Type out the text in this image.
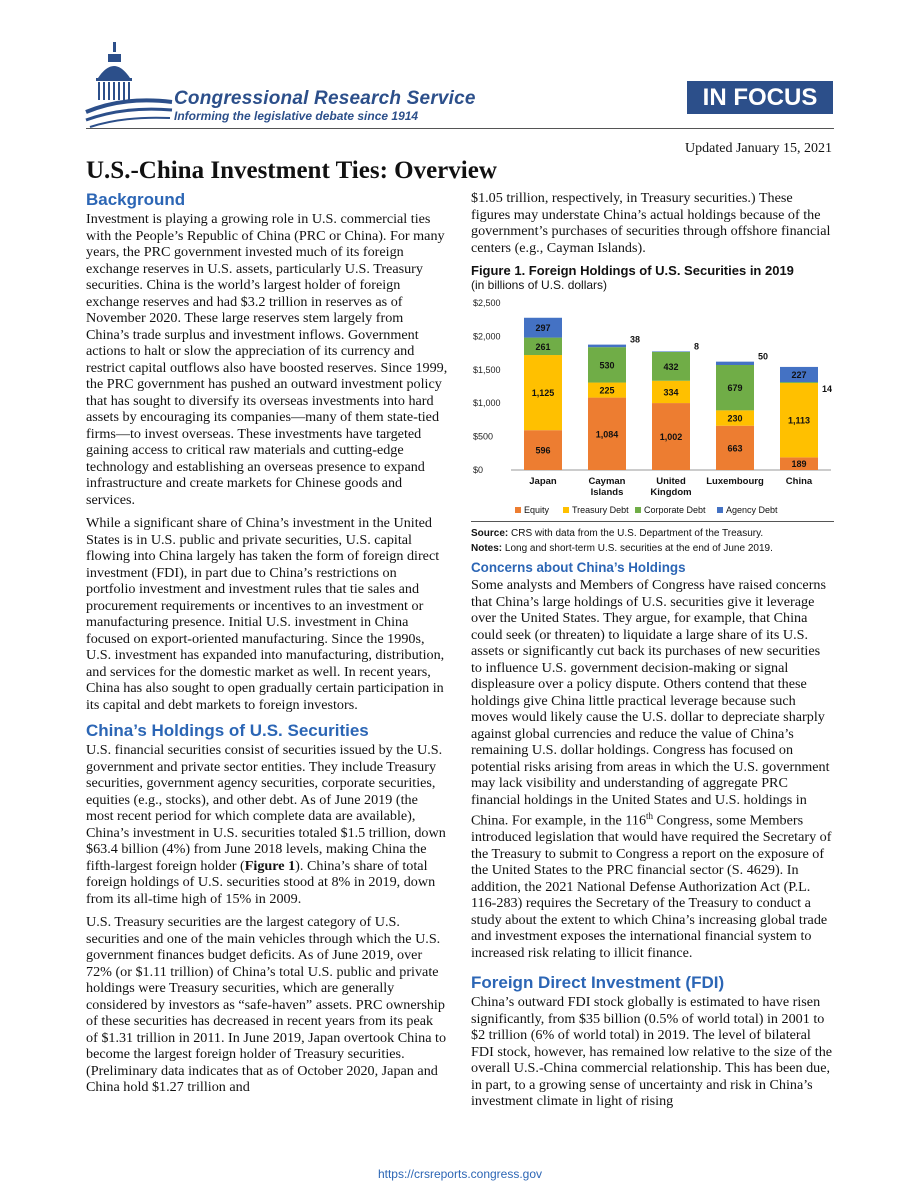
Congressional Research Service
Informing the legislative debate since 1914
IN FOCUS
Updated January 15, 2021
U.S.-China Investment Ties: Overview
Background

Investment is playing a growing role in U.S. commercial ties with the People’s Republic of China (PRC or China). For many years, the PRC government invested much of its foreign exchange reserves in U.S. assets, particularly U.S. Treasury securities. China is the world’s largest holder of foreign exchange reserves and had $3.2 trillion in reserves as of November 2020. These large reserves stem largely from China’s trade surplus and investment inflows. Government actions to halt or slow the appreciation of its currency and restrict capital outflows also have boosted reserves. Since 1999, the PRC government has pushed an outward investment policy that has sought to diversify its overseas investments into hard assets by encouraging its companies—many of them state-tied firms—to invest overseas. These investments have targeted gaining access to critical raw materials and cutting-edge technology and establishing an overseas presence to expand infrastructure and create markets for Chinese goods and services.

While a significant share of China’s investment in the United States is in U.S. public and private securities, U.S. capital flowing into China largely has taken the form of foreign direct investment (FDI), in part due to China’s restrictions on portfolio investment and investment rules that tie sales and procurement requirements or incentives to an investment or manufacturing presence. Initial U.S. investment in China focused on export-oriented manufacturing. Since the 1990s, U.S. investment has expanded into manufacturing, distribution, and services for the domestic market as well. In recent years, China has also sought to open gradually certain participation in its capital and debt markets to foreign investors.

China’s Holdings of U.S. Securities

U.S. financial securities consist of securities issued by the U.S. government and private sector entities. They include Treasury securities, government agency securities, corporate securities, equities (e.g., stocks), and other debt. As of June 2019 (the most recent period for which complete data are available), China’s investment in U.S. securities totaled $1.5 trillion, down $63.4 billion (4%) from June 2018 levels, making China the fifth-largest foreign holder (Figure 1). China’s share of total foreign holdings of U.S. securities stood at 8% in 2019, down from its all-time high of 15% in 2009.

U.S. Treasury securities are the largest category of U.S. securities and one of the main vehicles through which the U.S. government finances budget deficits. As of June 2019, over 72% (or $1.11 trillion) of China’s total U.S. public and private holdings were Treasury securities, which are generally considered by investors as “safe-haven” assets. PRC ownership of these securities has decreased in recent years from its peak of $1.31 trillion in 2011. In June 2019, Japan overtook China to become the largest foreign holder of Treasury securities. (Preliminary data indicates that as of October 2020, Japan and China hold $1.27 trillion and

$1.05 trillion, respectively, in Treasury securities.) These figures may understate China’s actual holdings because of the government’s purchases of securities through offshore financial centers (e.g., Cayman Islands).

Figure 1. Foreign Holdings of U.S. Securities in 2019
(in billions of U.S. dollars)
$0
$500
$1,000
$1,500
$2,000
$2,500
596
1,125
261
297
Japan
1,084
225
530
38
Cayman
Islands
1,002
334
432
8
United
Kingdom
663
230
679
50
Luxembourg
189
1,113
14
227
China
Equity	Treasury Debt Corporate Debt Agency Debt
Source: CRS with data from the U.S. Department of the Treasury.
Notes: Long and short-term U.S. securities at the end of June 2019.
Concerns about China’s Holdings

Some analysts and Members of Congress have raised concerns that China’s large holdings of U.S. securities give it leverage over the United States. They argue, for example, that China could seek (or threaten) to liquidate a large share of its U.S. assets or significantly cut back its purchases of new securities to influence U.S. government decision-making or signal displeasure over a policy dispute. Others contend that these holdings give China little practical leverage because such moves would likely cause the U.S. dollar to depreciate sharply against global currencies and reduce the value of China’s remaining U.S. dollar holdings. Congress has focused on potential risks arising from areas in which the U.S. government may lack visibility and understanding of aggregate PRC financial holdings in the United States and U.S. holdings in China. For example, in the 116th Congress, some Members introduced legislation that would have required the Secretary of the Treasury to submit to Congress a report on the exposure of the United States to the PRC financial sector (S. 4629). In addition, the 2021 National Defense Authorization Act (P.L. 116-283) requires the Secretary of the Treasury to conduct a study about the extent to which China’s increasing global trade and investment exposes the international financial system to increased risk relating to illicit finance.

Foreign Direct Investment (FDI)

China’s outward FDI stock globally is estimated to have risen significantly, from $35 billion (0.5% of world total) in 2001 to $2 trillion (6% of world total) in 2019. The level of bilateral FDI stock, however, has remained low relative to the size of the overall U.S.-China commercial relationship. This has been due, in part, to a growing sense of uncertainty and risk in China’s investment climate in light of rising

https://crsreports.congress.gov
